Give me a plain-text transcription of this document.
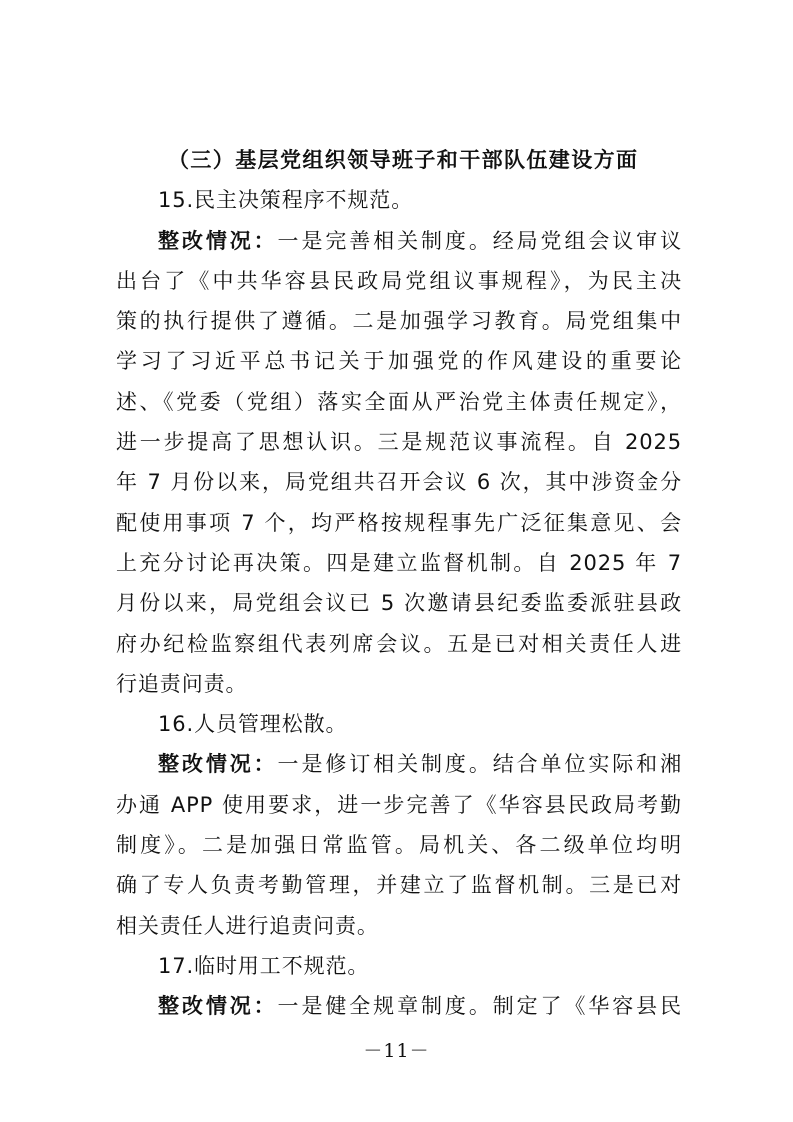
（三）基层党组织领导班子和干部队伍建设方面
15.民主决策程序不规范。
整改情况：一是完善相关制度。经局党组会议审议
出台了《中共华容县民政局党组议事规程》，为民主决
策的执行提供了遵循。二是加强学习教育。局党组集中
学习了习近平总书记关于加强党的作风建设的重要论
述、《党委（党组）落实全面从严治党主体责任规定》，
进一步提高了思想认识。三是规范议事流程。自 2025
年 7 月份以来，局党组共召开会议 6 次，其中涉资金分
配使用事项 7 个，均严格按规程事先广泛征集意见、会
上充分讨论再决策。四是建立监督机制。自 2025 年 7
月份以来，局党组会议已 5 次邀请县纪委监委派驻县政
府办纪检监察组代表列席会议。五是已对相关责任人进
行追责问责。
16.人员管理松散。
整改情况：一是修订相关制度。结合单位实际和湘
办通 APP 使用要求，进一步完善了《华容县民政局考勤
制度》。二是加强日常监管。局机关、各二级单位均明
确了专人负责考勤管理，并建立了监督机制。三是已对
相关责任人进行追责问责。
17.临时用工不规范。
整改情况：一是健全规章制度。制定了《华容县民
－11－
